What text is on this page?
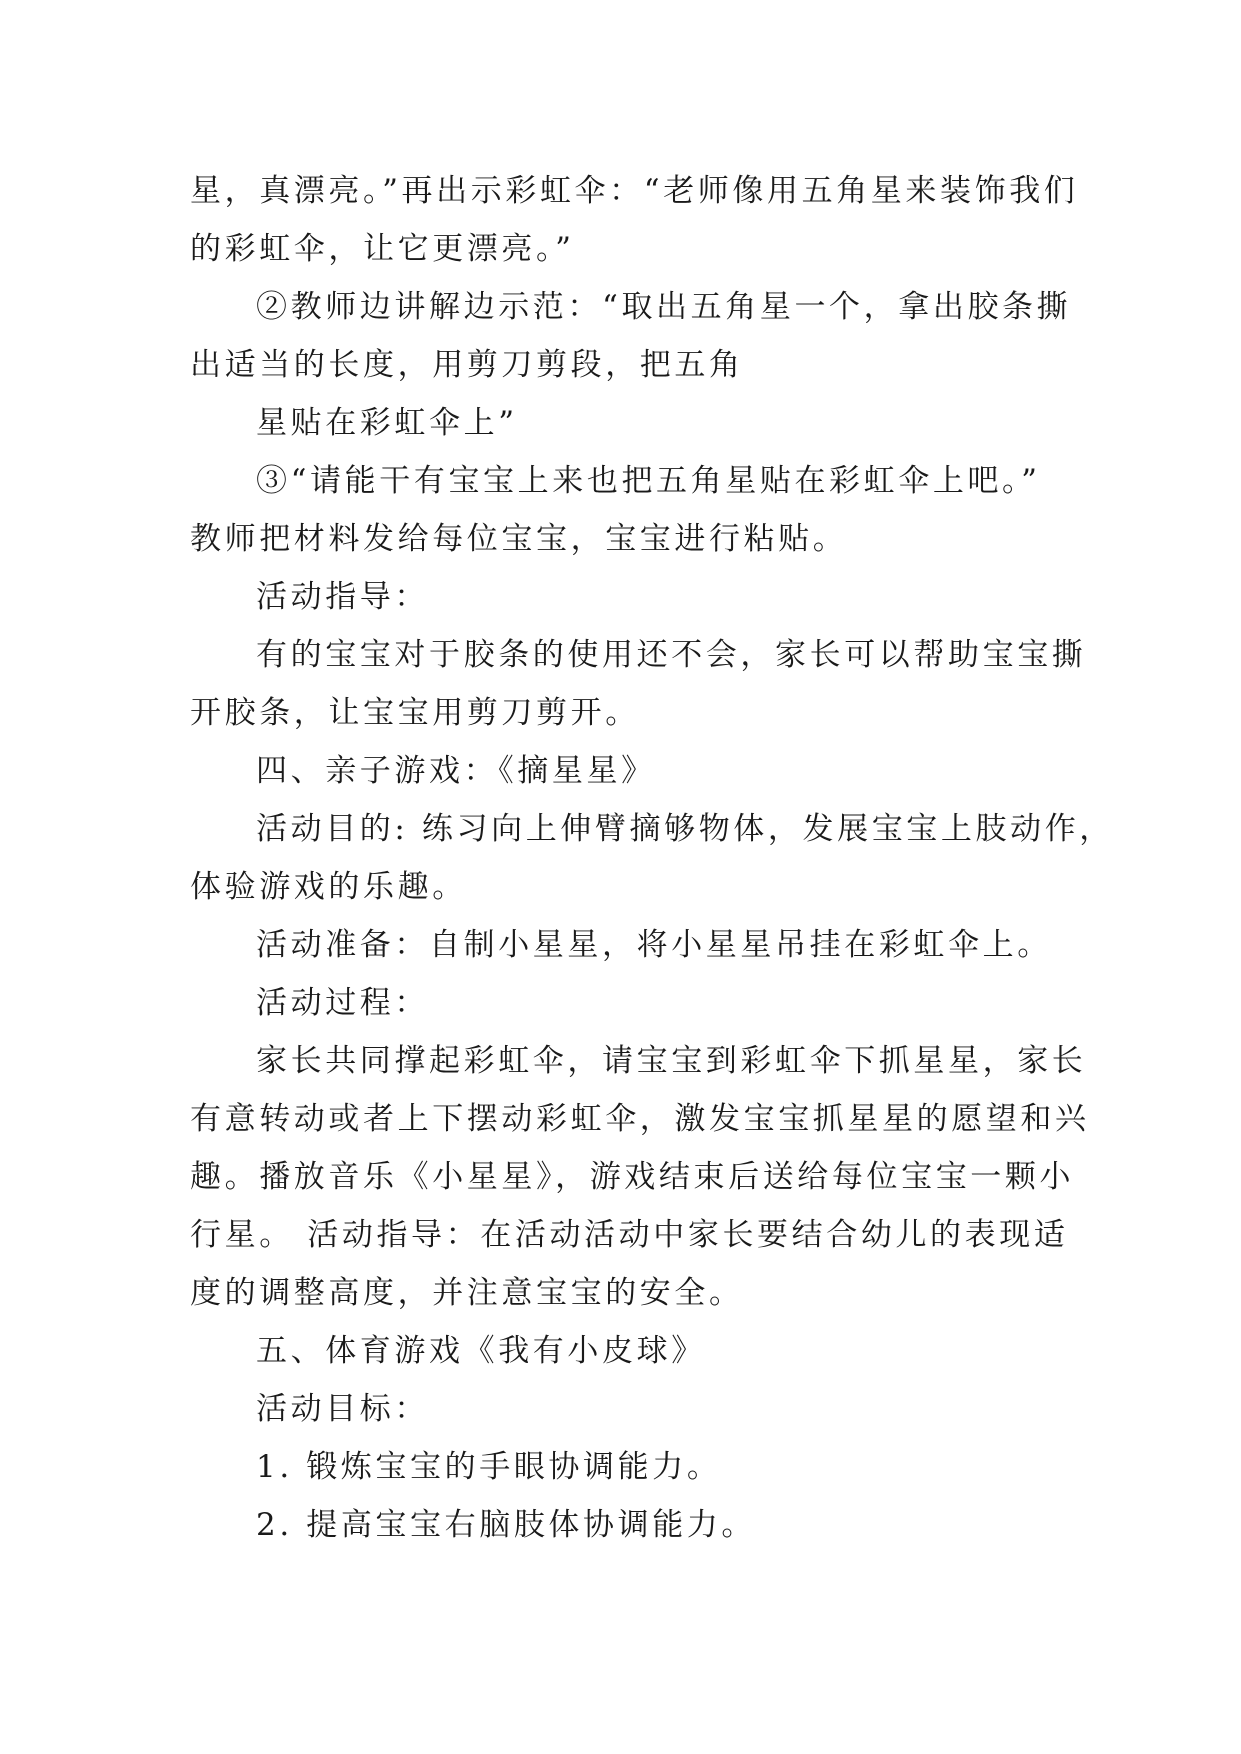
星，真漂亮。”再出示彩虹伞：“老师像用五角星来装饰我们
的彩虹伞，让它更漂亮。”
②教师边讲解边示范：“取出五角星一个，拿出胶条撕
出适当的长度，用剪刀剪段，把五角
星贴在彩虹伞上”
③“请能干有宝宝上来也把五角星贴在彩虹伞上吧。”
教师把材料发给每位宝宝，宝宝进行粘贴。
活动指导：
有的宝宝对于胶条的使用还不会，家长可以帮助宝宝撕
开胶条，让宝宝用剪刀剪开。
四、亲子游戏：《摘星星》
活动目的: 练习向上伸臂摘够物体，发展宝宝上肢动作，
体验游戏的乐趣。
活动准备：自制小星星，将小星星吊挂在彩虹伞上。
活动过程：
家长共同撑起彩虹伞，请宝宝到彩虹伞下抓星星，家长
有意转动或者上下摆动彩虹伞，激发宝宝抓星星的愿望和兴
趣。播放音乐《小星星》，游戏结束后送给每位宝宝一颗小
行星。 活动指导：在活动活动中家长要结合幼儿的表现适
度的调整高度，并注意宝宝的安全。
五、体育游戏《我有小皮球》
活动目标：
1. 锻炼宝宝的手眼协调能力。
2. 提高宝宝右脑肢体协调能力。
